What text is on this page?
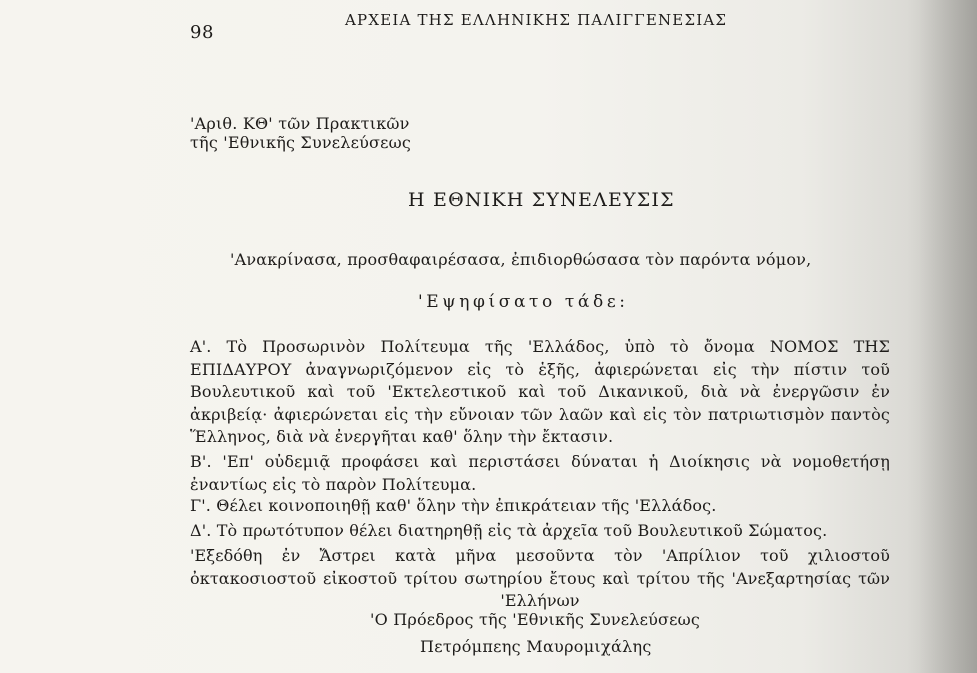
98
ΑΡΧΕΙΑ ΤΗΣ ΕΛΛΗΝΙΚΗΣ ΠΑΛΙΓΓΕΝΕΣΙΑΣ
'Αριθ. ΚΘ' τῶν Πρακτικῶν
τῆς 'Εθνικῆς Συνελεύσεως
Η ΕΘΝΙΚΗ ΣΥΝΕΛΕΥΣΙΣ
'Ανακρίνασα, προσθαφαιρέσασα, ἐπιδιορθώσασα τὸν παρόντα νόμον,
'Εψηφίσατο τάδε:
Α'. Τὸ Προσωρινὸν Πολίτευμα τῆς 'Ελλάδος, ὑπὸ τὸ ὄνομα ΝΟΜΟΣ ΤΗΣ ΕΠΙΔΑΥΡΟΥ ἀναγνωριζόμενον εἰς τὸ ἑξῆς, ἀφιερώνεται εἰς τὴν πίστιν τοῦ Βουλευτικοῦ καὶ τοῦ 'Εκτελεστικοῦ καὶ τοῦ Δικανικοῦ, διὰ νὰ ἐνεργῶσιν ἐν ἀκριβείᾳ· ἀφιερώνεται εἰς τὴν εὔνοιαν τῶν λαῶν καὶ εἰς τὸν πατριωτισμὸν παντὸς Ἕλληνος, διὰ νὰ ἐνεργῆται καθ' ὅλην τὴν ἔκτασιν.
Β'. 'Επ' οὐδεμιᾷ προφάσει καὶ περιστάσει δύναται ἡ Διοίκησις νὰ νομοθετήσῃ ἐναντίως εἰς τὸ παρὸν Πολίτευμα.
Γ'. Θέλει κοινοποιηθῇ καθ' ὅλην τὴν ἐπικράτειαν τῆς 'Ελλάδος.
Δ'. Τὸ πρωτότυπον θέλει διατηρηθῇ εἰς τὰ ἀρχεῖα τοῦ Βουλευτικοῦ Σώματος.
'Εξεδόθη ἐν Ἄστρει κατὰ μῆνα μεσοῦντα τὸν 'Απρίλιον τοῦ χιλιοστοῦ ὀκτακοσιοστοῦ εἰκοστοῦ τρίτου σωτηρίου ἔτους καὶ τρίτου τῆς 'Ανεξαρτησίας τῶν 'Ελλήνων
'Ο Πρόεδρος τῆς 'Εθνικῆς Συνελεύσεως
Πετρόμπεης Μαυρομιχάλης
